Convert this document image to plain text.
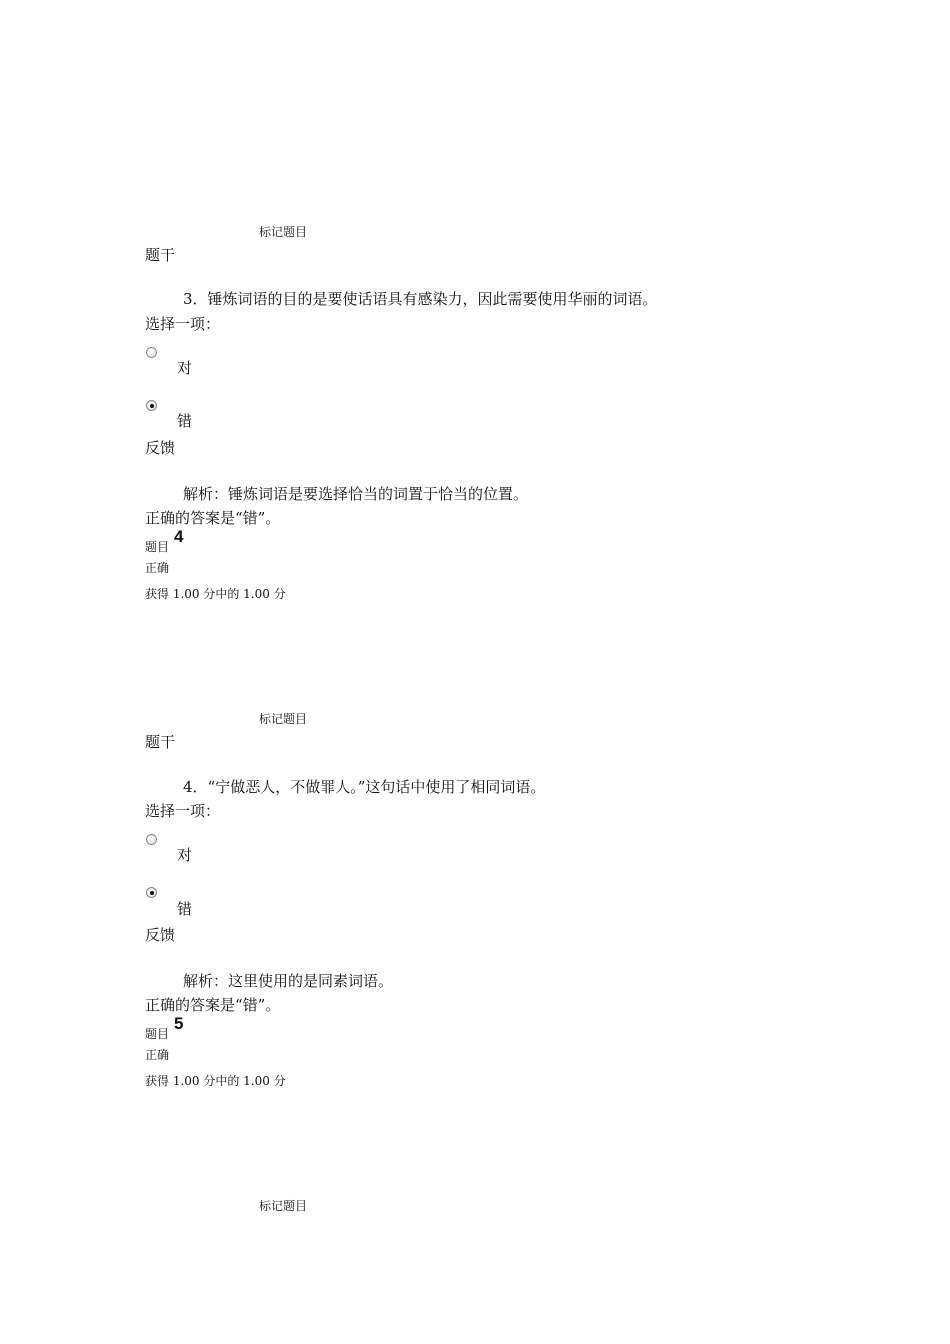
标记题目
题干
3．锤炼词语的目的是要使话语具有感染力，因此需要使用华丽的词语。
选择一项：
对
错
反馈
解析：锤炼词语是要选择恰当的词置于恰当的位置。
正确的答案是“错”。
题目
4
正确
获得 1.00 分中的 1.00 分
标记题目
题干
4．“宁做恶人，不做罪人。”这句话中使用了相同词语。
选择一项：
对
错
反馈
解析：这里使用的是同素词语。
正确的答案是“错”。
题目
5
正确
获得 1.00 分中的 1.00 分
标记题目
